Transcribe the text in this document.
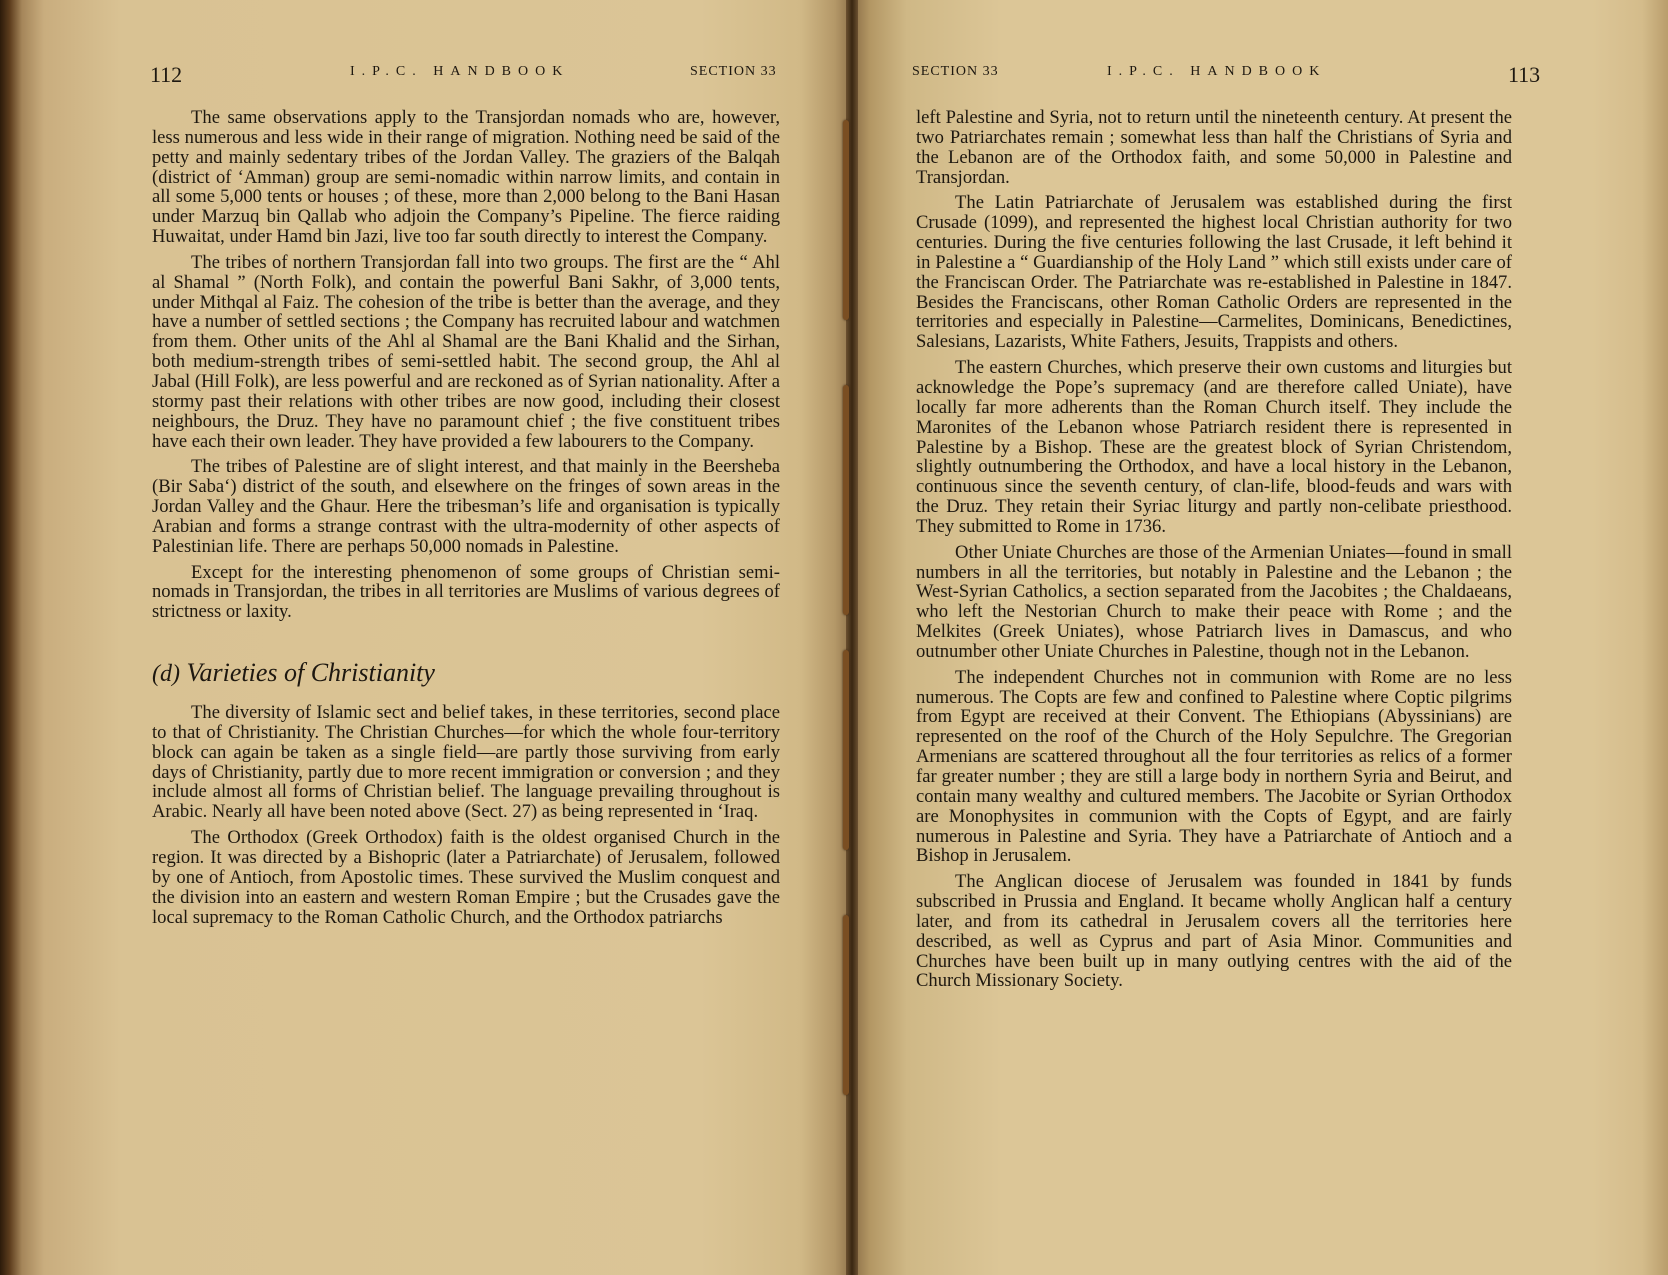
112	I.P.C. HANDBOOK	SECTION 33

The same observations apply to the Transjordan nomads who are, however, less numerous and less wide in their range of migration. Nothing need be said of the petty and mainly sedentary tribes of the Jordan Valley. The graziers of the Balqah (district of ‘Amman) group are semi-nomadic within narrow limits, and contain in all some 5,000 tents or houses ; of these, more than 2,000 belong to the Bani Hasan under Marzuq bin Qallab who adjoin the Company’s Pipeline. The fierce raiding Huwaitat, under Hamd bin Jazi, live too far south directly to interest the Company.

The tribes of northern Transjordan fall into two groups. The first are the “ Ahl al Shamal ” (North Folk), and contain the powerful Bani Sakhr, of 3,000 tents, under Mithqal al Faiz. The cohesion of the tribe is better than the average, and they have a number of settled sections ; the Company has recruited labour and watchmen from them. Other units of the Ahl al Shamal are the Bani Khalid and the Sirhan, both medium-strength tribes of semi-settled habit. The second group, the Ahl al Jabal (Hill Folk), are less powerful and are reckoned as of Syrian nationality. After a stormy past their relations with other tribes are now good, including their closest neighbours, the Druz. They have no paramount chief ; the five constituent tribes have each their own leader. They have provided a few labourers to the Company.

The tribes of Palestine are of slight interest, and that mainly in the Beersheba (Bir Saba‘) district of the south, and elsewhere on the fringes of sown areas in the Jordan Valley and the Ghaur. Here the tribesman’s life and organisation is typically Arabian and forms a strange contrast with the ultra-modernity of other aspects of Palestinian life. There are perhaps 50,000 nomads in Palestine.

Except for the interesting phenomenon of some groups of Christian semi-nomads in Transjordan, the tribes in all territories are Muslims of various degrees of strictness or laxity.

(d) Varieties of Christianity

The diversity of Islamic sect and belief takes, in these territories, second place to that of Christianity. The Christian Churches—for which the whole four-territory block can again be taken as a single field—are partly those surviving from early days of Christianity, partly due to more recent immigration or conversion ; and they include almost all forms of Christian belief. The language prevailing throughout is Arabic. Nearly all have been noted above (Sect. 27) as being represented in ‘Iraq.

The Orthodox (Greek Orthodox) faith is the oldest organised Church in the region. It was directed by a Bishopric (later a Patriarchate) of Jerusalem, followed by one of Antioch, from Apostolic times. These survived the Muslim conquest and the division into an eastern and western Roman Empire ; but the Crusades gave the local supremacy to the Roman Catholic Church, and the Orthodox patriarchs

SECTION 33	I.P.C. HANDBOOK	113

left Palestine and Syria, not to return until the nineteenth century. At present the two Patriarchates remain ; somewhat less than half the Christians of Syria and the Lebanon are of the Orthodox faith, and some 50,000 in Palestine and Transjordan.

The Latin Patriarchate of Jerusalem was established during the first Crusade (1099), and represented the highest local Christian authority for two centuries. During the five centuries following the last Crusade, it left behind it in Palestine a “ Guardianship of the Holy Land ” which still exists under care of the Franciscan Order. The Patriarchate was re-established in Palestine in 1847. Besides the Franciscans, other Roman Catholic Orders are represented in the territories and especially in Palestine—Carmelites, Dominicans, Benedictines, Salesians, Lazarists, White Fathers, Jesuits, Trappists and others.

The eastern Churches, which preserve their own customs and liturgies but acknowledge the Pope’s supremacy (and are therefore called Uniate), have locally far more adherents than the Roman Church itself. They include the Maronites of the Lebanon whose Patriarch resident there is represented in Palestine by a Bishop. These are the greatest block of Syrian Christendom, slightly outnumbering the Orthodox, and have a local history in the Lebanon, continuous since the seventh century, of clan-life, blood-feuds and wars with the Druz. They retain their Syriac liturgy and partly non-celibate priesthood. They submitted to Rome in 1736.

Other Uniate Churches are those of the Armenian Uniates—found in small numbers in all the territories, but notably in Palestine and the Lebanon ; the West-Syrian Catholics, a section separated from the Jacobites ; the Chaldaeans, who left the Nestorian Church to make their peace with Rome ; and the Melkites (Greek Uniates), whose Patriarch lives in Damascus, and who outnumber other Uniate Churches in Palestine, though not in the Lebanon.

The independent Churches not in communion with Rome are no less numerous. The Copts are few and confined to Palestine where Coptic pilgrims from Egypt are received at their Convent. The Ethiopians (Abyssinians) are represented on the roof of the Church of the Holy Sepulchre. The Gregorian Armenians are scattered throughout all the four territories as relics of a former far greater number ; they are still a large body in northern Syria and Beirut, and contain many wealthy and cultured members. The Jacobite or Syrian Orthodox are Monophysites in communion with the Copts of Egypt, and are fairly numerous in Palestine and Syria. They have a Patriarchate of Antioch and a Bishop in Jerusalem.

The Anglican diocese of Jerusalem was founded in 1841 by funds subscribed in Prussia and England. It became wholly Anglican half a century later, and from its cathedral in Jerusalem covers all the territories here described, as well as Cyprus and part of Asia Minor. Communities and Churches have been built up in many outlying centres with the aid of the Church Missionary Society.
